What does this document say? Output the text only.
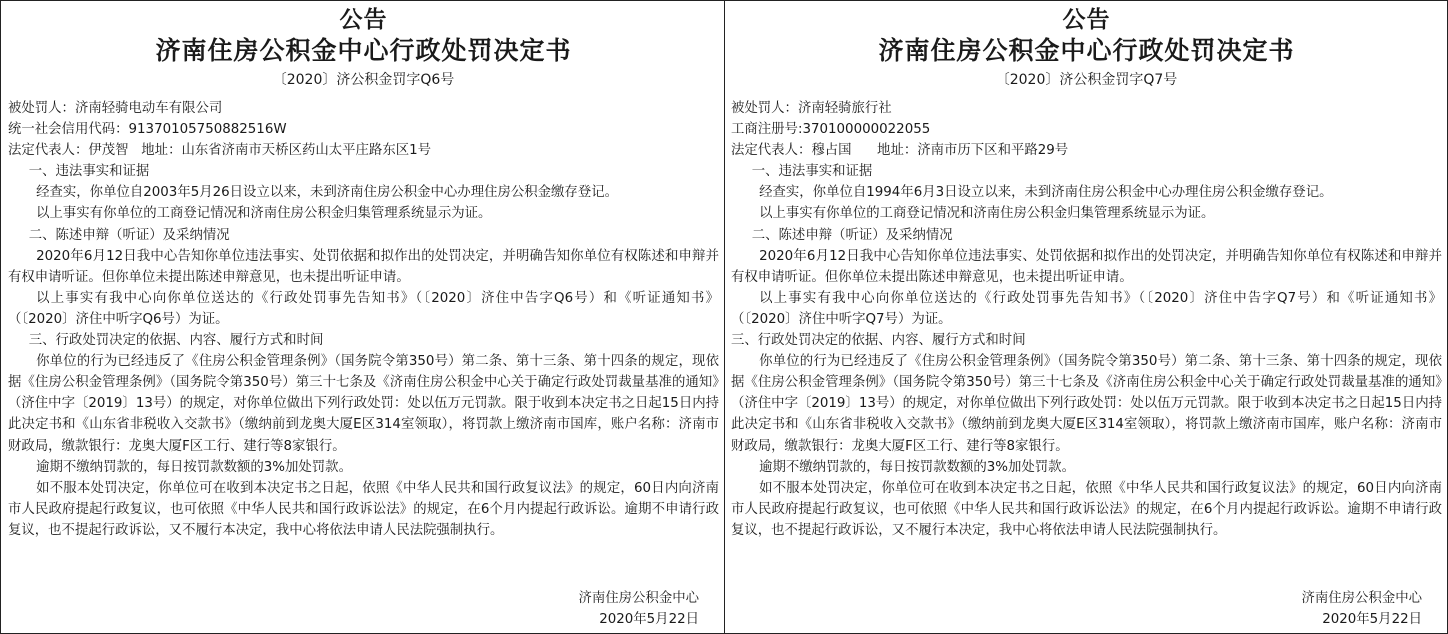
公告
济南住房公积金中心行政处罚决定书
〔2020〕济公积金罚字Q6号

被处罚人：济南轻骑电动车有限公司

统一社会信用代码：91370105750882516W

法定代表人：伊茂智   地址：山东省济南市天桥区药山太平庄路东区1号

一、违法事实和证据

经查实，你单位自2003年5月26日设立以来，未到济南住房公积金中心办理住房公积金缴存登记。

以上事实有你单位的工商登记情况和济南住房公积金归集管理系统显示为证。

二、陈述申辩（听证）及采纳情况

2020年6月12日我中心告知你单位违法事实、处罚依据和拟作出的处罚决定，并明确告知你单位有权陈述和申辩并有权申请听证。但你单位未提出陈述申辩意见，也未提出听证申请。

以上事实有我中心向你单位送达的《行政处罚事先告知书》（〔2020〕济住中告字Q6号）和《听证通知书》（〔2020〕济住中听字Q6号）为证。

三、行政处罚决定的依据、内容、履行方式和时间

你单位的行为已经违反了《住房公积金管理条例》（国务院令第350号）第二条、第十三条、第十四条的规定，现依据《住房公积金管理条例》（国务院令第350号）第三十七条及《济南住房公积金中心关于确定行政处罚裁量基准的通知》（济住中字〔2019〕13号）的规定，对你单位做出下列行政处罚：处以伍万元罚款。限于收到本决定书之日起15日内持此决定书和《山东省非税收入交款书》（缴纳前到龙奥大厦E区314室领取），将罚款上缴济南市国库，账户名称：济南市财政局，缴款银行：龙奥大厦F区工行、建行等8家银行。

逾期不缴纳罚款的，每日按罚款数额的3%加处罚款。

如不服本处罚决定，你单位可在收到本决定书之日起，依照《中华人民共和国行政复议法》的规定，60日内向济南市人民政府提起行政复议，也可依照《中华人民共和国行政诉讼法》的规定，在6个月内提起行政诉讼。逾期不申请行政复议，也不提起行政诉讼，又不履行本决定，我中心将依法申请人民法院强制执行。

济南住房公积金中心
2020年5月22日
公告
济南住房公积金中心行政处罚决定书
〔2020〕济公积金罚字Q7号

被处罚人：济南轻骑旅行社

工商注册号:370100000022055

法定代表人：穆占国      地址：济南市历下区和平路29号

一、违法事实和证据

经查实，你单位自1994年6月3日设立以来，未到济南住房公积金中心办理住房公积金缴存登记。

以上事实有你单位的工商登记情况和济南住房公积金归集管理系统显示为证。

二、陈述申辩（听证）及采纳情况

2020年6月12日我中心告知你单位违法事实、处罚依据和拟作出的处罚决定，并明确告知你单位有权陈述和申辩并有权申请听证。但你单位未提出陈述申辩意见，也未提出听证申请。

以上事实有我中心向你单位送达的《行政处罚事先告知书》（〔2020〕济住中告字Q7号）和《听证通知书》（〔2020〕济住中听字Q7号）为证。

三、行政处罚决定的依据、内容、履行方式和时间

你单位的行为已经违反了《住房公积金管理条例》（国务院令第350号）第二条、第十三条、第十四条的规定，现依据《住房公积金管理条例》（国务院令第350号）第三十七条及《济南住房公积金中心关于确定行政处罚裁量基准的通知》（济住中字〔2019〕13号）的规定，对你单位做出下列行政处罚：处以伍万元罚款。限于收到本决定书之日起15日内持此决定书和《山东省非税收入交款书》（缴纳前到龙奥大厦E区314室领取），将罚款上缴济南市国库，账户名称：济南市财政局，缴款银行：龙奥大厦F区工行、建行等8家银行。

逾期不缴纳罚款的，每日按罚款数额的3%加处罚款。

如不服本处罚决定，你单位可在收到本决定书之日起，依照《中华人民共和国行政复议法》的规定，60日内向济南市人民政府提起行政复议，也可依照《中华人民共和国行政诉讼法》的规定，在6个月内提起行政诉讼。逾期不申请行政复议，也不提起行政诉讼，又不履行本决定，我中心将依法申请人民法院强制执行。

济南住房公积金中心
2020年5月22日
